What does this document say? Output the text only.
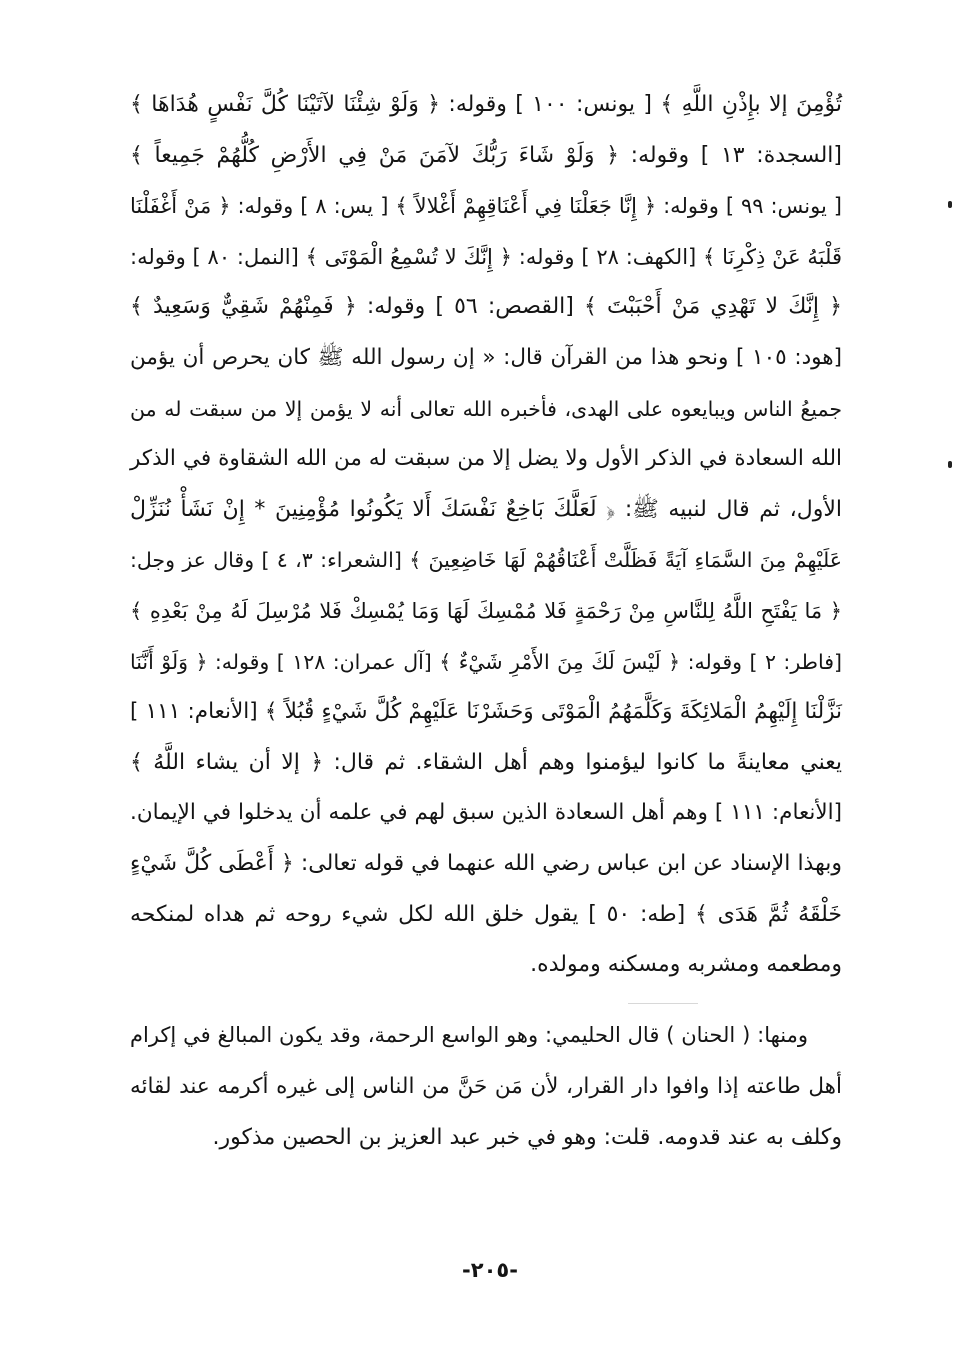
تُؤْمِنَ إلا بإِذْنِ اللَّهِ ﴾ [ يونس: ١٠٠ ] وقوله: ﴿ وَلَوْ شِئْنَا لآتَيْنَا كُلَّ نَفْسٍ هُدَاهَا ﴾
[السجدة: ١٣ ] وقوله: ﴿ وَلَوْ شَاءَ رَبُّكَ لآمَنَ مَنْ فِي الأَرْضِ كُلُّهُمْ جَمِيعاً ﴾
[ يونس: ٩٩ ] وقوله: ﴿ إِنَّا جَعَلْنَا فِي أَعْنَاقِهِمْ أَغْلالاً ﴾ [ يس: ٨ ] وقوله: ﴿ مَنْ أَغْفَلْنَا
قَلْبَهُ عَنْ ذِكْرِنَا ﴾ [الكهف: ٢٨ ] وقوله: ﴿ إِنَّكَ لا تُسْمِعُ الْمَوْتَى ﴾ [النمل: ٨٠ ] وقوله:
﴿ إِنَّكَ لا تَهْدِي مَنْ أَحْبَبْتَ ﴾ [القصص: ٥٦ ] وقوله: ﴿ فَمِنْهُمْ شَقِيٌّ وَسَعِيدٌ ﴾
[هود: ١٠٥ ] ونحو هذا من القرآن قال: « إن رسول الله ﷺ كان يحرص أن يؤمن
جميعُ الناس ويبايعوه على الهدى، فأخبره الله تعالى أنه لا يؤمن إلا من سبقت له من
الله السعادة في الذكر الأول ولا يضل إلا من سبقت له من الله الشقاوة في الذكر
الأول، ثم قال لنبيه ﷺ: ﴿ لَعَلَّكَ بَاخِعٌ نَفْسَكَ أَلا يَكُونُوا مُؤْمِنِينَ * إِنْ نَشَأْ نُنَزِّلْ
عَلَيْهِمْ مِنَ السَّمَاءِ آيَةً فَظَلَّتْ أَعْنَاقُهُمْ لَهَا خَاضِعِينَ ﴾ [الشعراء: ٣، ٤ ] وقال عز وجل:
﴿ مَا يَفْتَحِ اللَّهُ لِلنَّاسِ مِنْ رَحْمَةٍ فَلا مُمْسِكَ لَهَا وَمَا يُمْسِكْ فَلا مُرْسِلَ لَهُ مِنْ بَعْدِهِ ﴾
[فاطر: ٢ ] وقوله: ﴿ لَيْسَ لَكَ مِنَ الأَمْرِ شَيْءٌ ﴾ [آل عمران: ١٢٨ ] وقوله: ﴿ وَلَوْ أَنَّنَا
نَزَّلْنَا إِلَيْهِمُ الْمَلائِكَةَ وَكَلَّمَهُمُ الْمَوْتَى وَحَشَرْنَا عَلَيْهِمْ كُلَّ شَيْءٍ قُبُلاً ﴾ [الأنعام: ١١١ ]
يعني معاينةً ما كانوا ليؤمنوا وهم أهل الشقاء. ثم قال: ﴿ إلا أن يشاء اللَّهُ ﴾
[الأنعام: ١١١ ] وهم أهل السعادة الذين سبق لهم في علمه أن يدخلوا في الإيمان.
وبهذا الإسناد عن ابن عباس رضي الله عنهما في قوله تعالى: ﴿ أَعْطَى كُلَّ شَيْءٍ
خَلْقَهُ ثُمَّ هَدَى ﴾ [طه: ٥٠ ] يقول خلق الله لكل شيء روحه ثم هداه لمنكحه
ومطعمه ومشربه ومسكنه ومولده.
ومنها: ( الحنان ) قال الحليمي: وهو الواسع الرحمة، وقد يكون المبالغ في إكرام
أهل طاعته إذا وافوا دار القرار، لأن مَن حَنَّ من الناس إلى غيره أكرمه عند لقائه
وكلف به عند قدومه. قلت: وهو في خبر عبد العزيز بن الحصين مذكور.
-٢٠٥-
